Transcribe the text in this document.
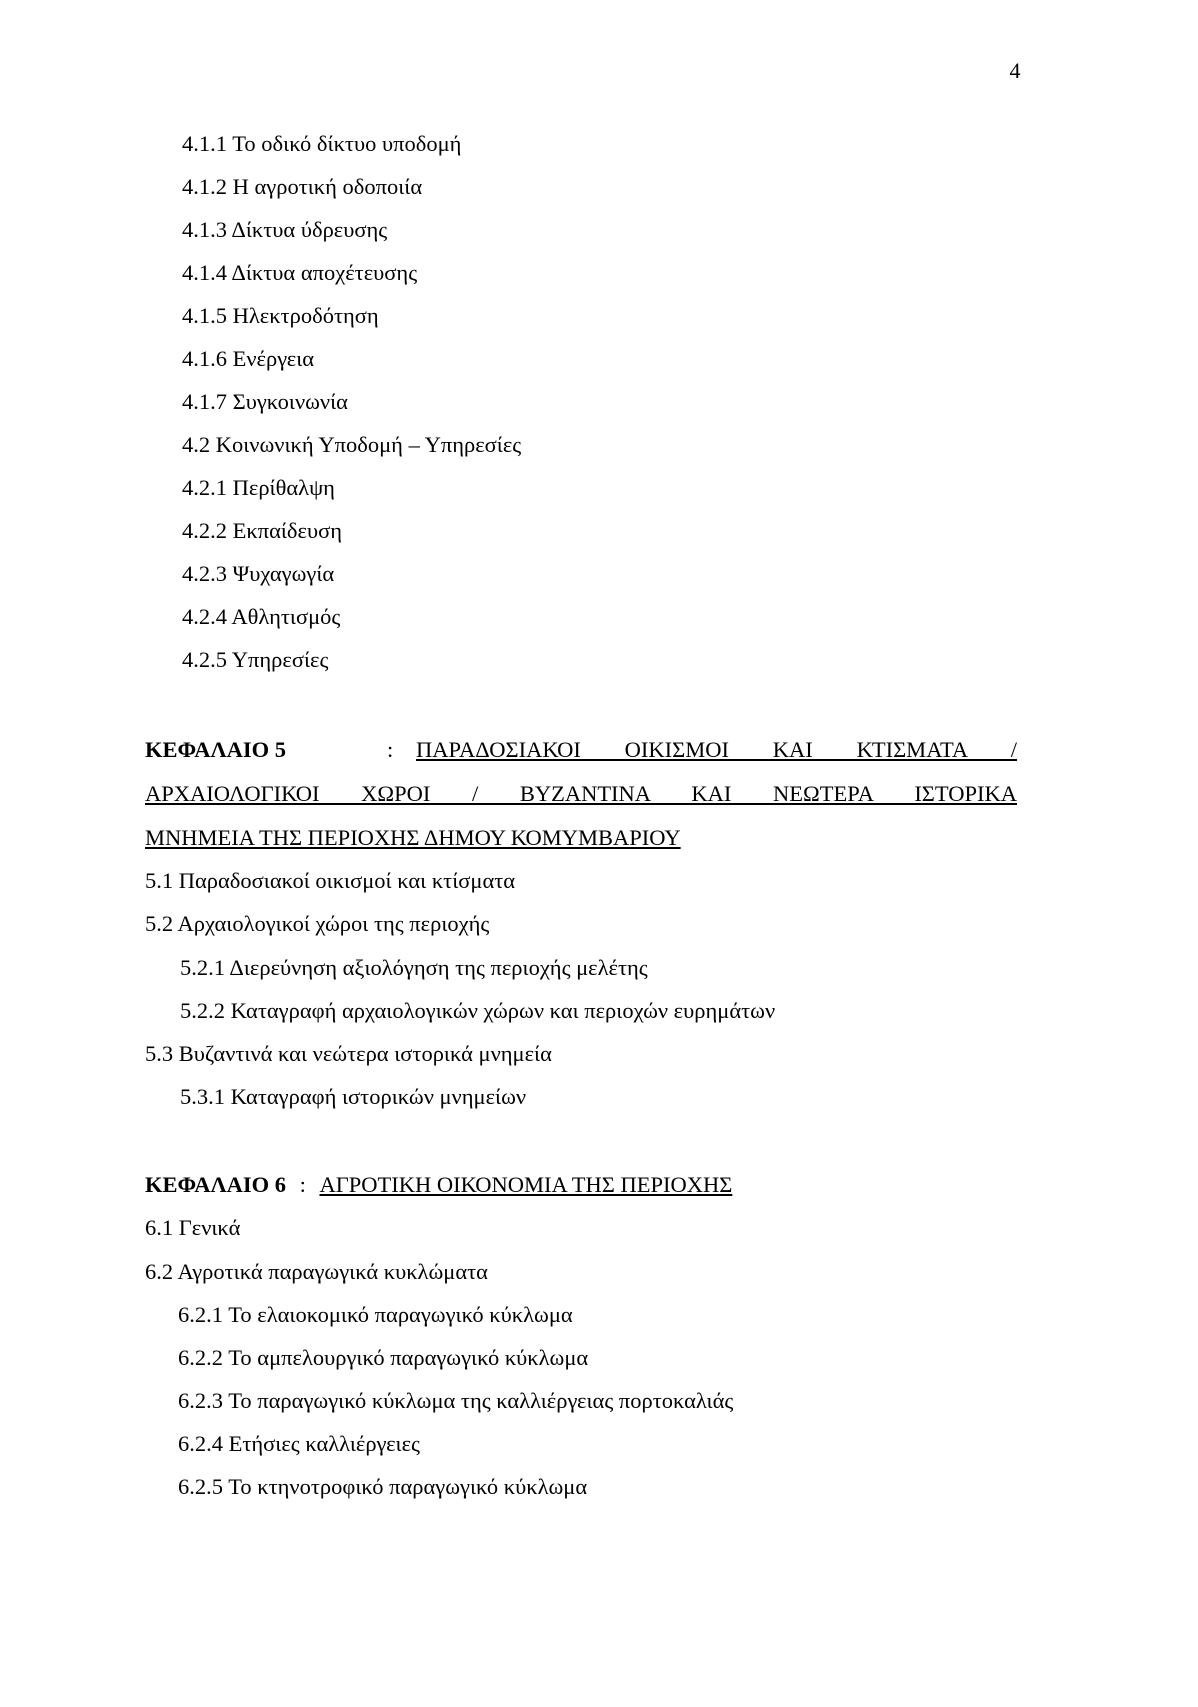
4
4.1.1 Το οδικό δίκτυο υποδομή
4.1.2 Η αγροτική οδοποιία
4.1.3 Δίκτυα ύδρευσης
4.1.4 Δίκτυα αποχέτευσης
4.1.5 Ηλεκτροδότηση
4.1.6 Ενέργεια
4.1.7 Συγκοινωνία
4.2 Κοινωνική Υποδομή – Υπηρεσίες
4.2.1 Περίθαλψη
4.2.2 Εκπαίδευση
4.2.3 Ψυχαγωγία
4.2.4 Αθλητισμός
4.2.5 Υπηρεσίες
ΚΕΦΑΛΑΙΟ 5	: ΠΑΡΑΔΟΣΙΑΚΟΙ ΟΙΚΙΣΜΟΙ ΚΑΙ ΚΤΙΣΜΑΤΑ /
ΑΡΧΑΙΟΛΟΓΙΚΟΙ ΧΩΡΟΙ / ΒΥΖΑΝΤΙΝΑ ΚΑΙ ΝΕΩΤΕΡΑ ΙΣΤΟΡΙΚΑ
ΜΝΗΜΕΙΑ ΤΗΣ ΠΕΡΙΟΧΗΣ ΔΗΜΟΥ ΚΟΜΥΜΒΑΡΙΟΥ
5.1 Παραδοσιακοί οικισμοί και κτίσματα
5.2 Αρχαιολογικοί χώροι της περιοχής
5.2.1 Διερεύνηση αξιολόγηση της περιοχής μελέτης
5.2.2 Καταγραφή αρχαιολογικών χώρων και περιοχών ευρημάτων
5.3 Βυζαντινά και νεώτερα ιστορικά μνημεία
5.3.1 Καταγραφή ιστορικών μνημείων
ΚΕΦΑΛΑΙΟ 6 : ΑΓΡΟΤΙΚΗ ΟΙΚΟΝΟΜΙΑ ΤΗΣ ΠΕΡΙΟΧΗΣ
6.1 Γενικά
6.2 Αγροτικά παραγωγικά κυκλώματα
6.2.1 Το ελαιοκομικό παραγωγικό κύκλωμα
6.2.2 Το αμπελουργικό παραγωγικό κύκλωμα
6.2.3 Το παραγωγικό κύκλωμα της καλλιέργειας πορτοκαλιάς
6.2.4 Ετήσιες καλλιέργειες
6.2.5 Το κτηνοτροφικό παραγωγικό κύκλωμα
